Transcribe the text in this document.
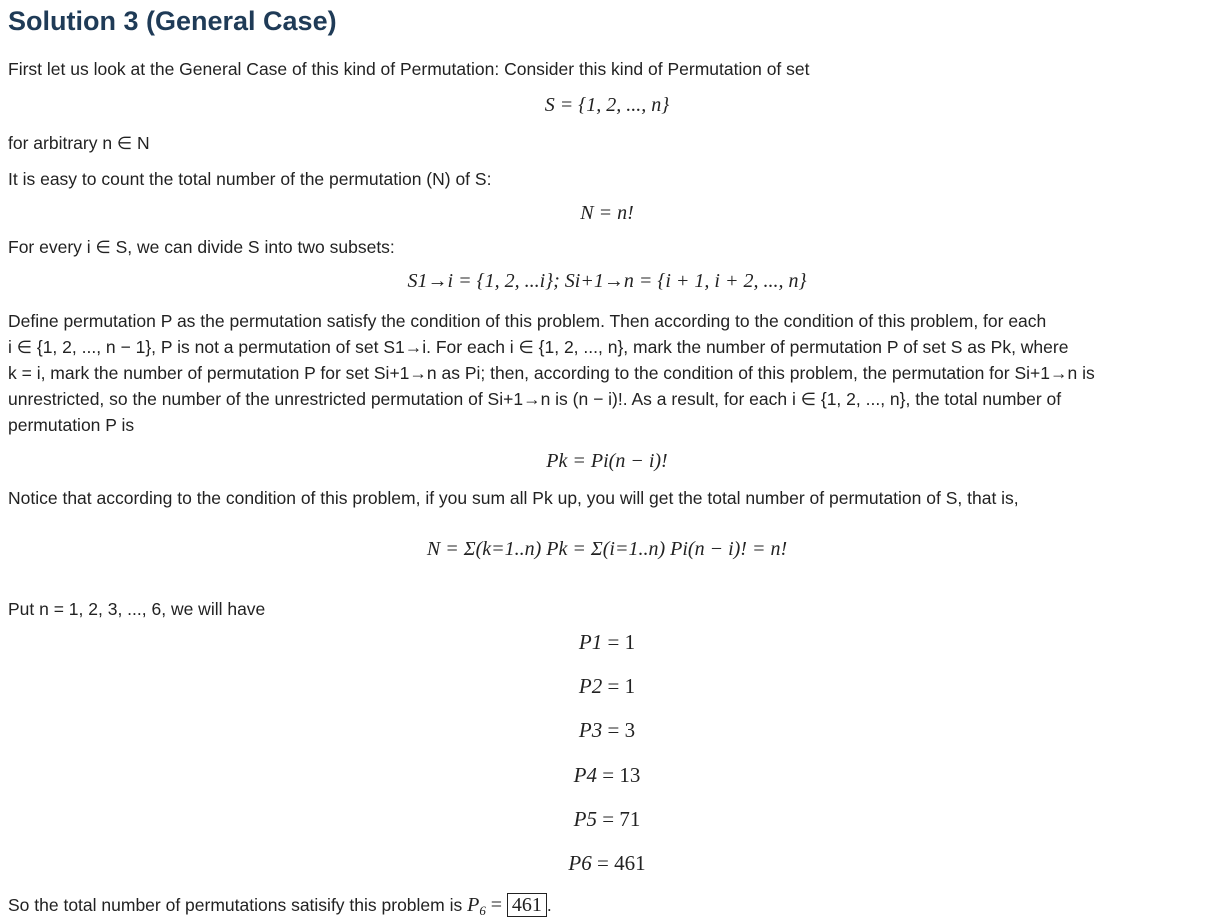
Solution 3 (General Case)
First let us look at the General Case of this kind of Permutation: Consider this kind of Permutation of set
S = {1, 2, ..., n}
for arbitrary n ∈ N
It is easy to count the total number of the permutation (N) of S:
N = n!
For every i ∈ S, we can divide S into two subsets:
S1→i = {1, 2, ...i}; Si+1→n = {i + 1, i + 2, ..., n}
Define permutation P as the permutation satisfy the condition of this problem. Then according to the condition of this problem, for each
i ∈ {1, 2, ..., n − 1}, P is not a permutation of set S1→i. For each i ∈ {1, 2, ..., n}, mark the number of permutation P of set S as Pk, where
k = i, mark the number of permutation P for set Si+1→n as Pi; then, according to the condition of this problem, the permutation for Si+1→n is
unrestricted, so the number of the unrestricted permutation of Si+1→n is (n − i)!. As a result, for each i ∈ {1, 2, ..., n}, the total number of
permutation P is
Pk = Pi(n − i)!
Notice that according to the condition of this problem, if you sum all Pk up, you will get the total number of permutation of S, that is,
N = Σ(k=1..n) Pk = Σ(i=1..n) Pi(n − i)! = n!
Put n = 1, 2, 3, ..., 6, we will have
P1 = 1
P2 = 1
P3 = 3
P4 = 13
P5 = 71
P6 = 461
So the total number of permutations satisify this problem is $P_6 = 461$ .
